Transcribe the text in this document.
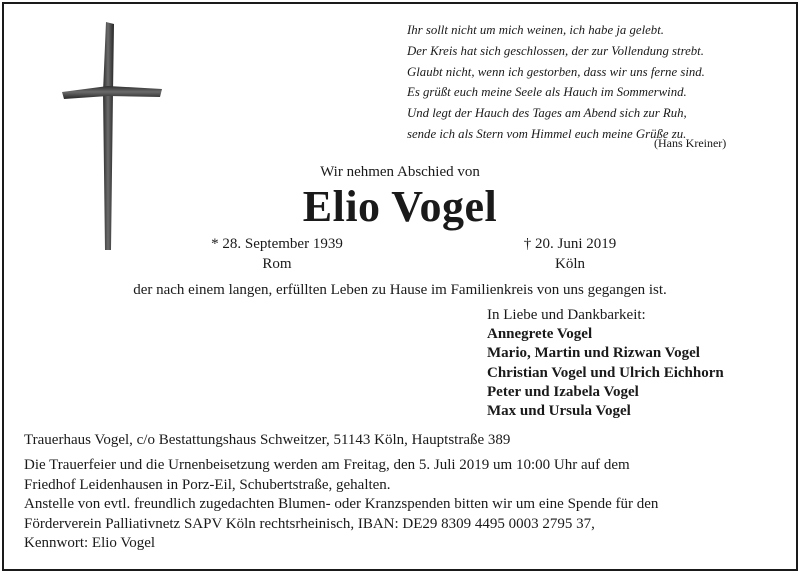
Ihr sollt nicht um mich weinen, ich habe ja gelebt.
Der Kreis hat sich geschlossen, der zur Vollendung strebt.
Glaubt nicht, wenn ich gestorben, dass wir uns ferne sind.
Es grüßt euch meine Seele als Hauch im Sommerwind.
Und legt der Hauch des Tages am Abend sich zur Ruh,
sende ich als Stern vom Himmel euch meine Grüße zu.
(Hans Kreiner)
Wir nehmen Abschied von
Elio Vogel
* 28. September 1939
Rom
† 20. Juni 2019
Köln
der nach einem langen, erfüllten Leben zu Hause im Familienkreis von uns gegangen ist.
In Liebe und Dankbarkeit:
Annegrete Vogel
Mario, Martin und Rizwan Vogel
Christian Vogel und Ulrich Eichhorn
Peter und Izabela Vogel
Max und Ursula Vogel
Trauerhaus Vogel, c/o Bestattungshaus Schweitzer, 51143 Köln, Hauptstraße 389
Die Trauerfeier und die Urnenbeisetzung werden am Freitag, den 5. Juli 2019 um 10:00 Uhr auf dem
Friedhof Leidenhausen in Porz-Eil, Schubertstraße, gehalten.
Anstelle von evtl. freundlich zugedachten Blumen- oder Kranzspenden bitten wir um eine Spende für den
Förderverein Palliativnetz SAPV Köln rechtsrheinisch, IBAN: DE29 8309 4495 0003 2795 37,
Kennwort: Elio Vogel
